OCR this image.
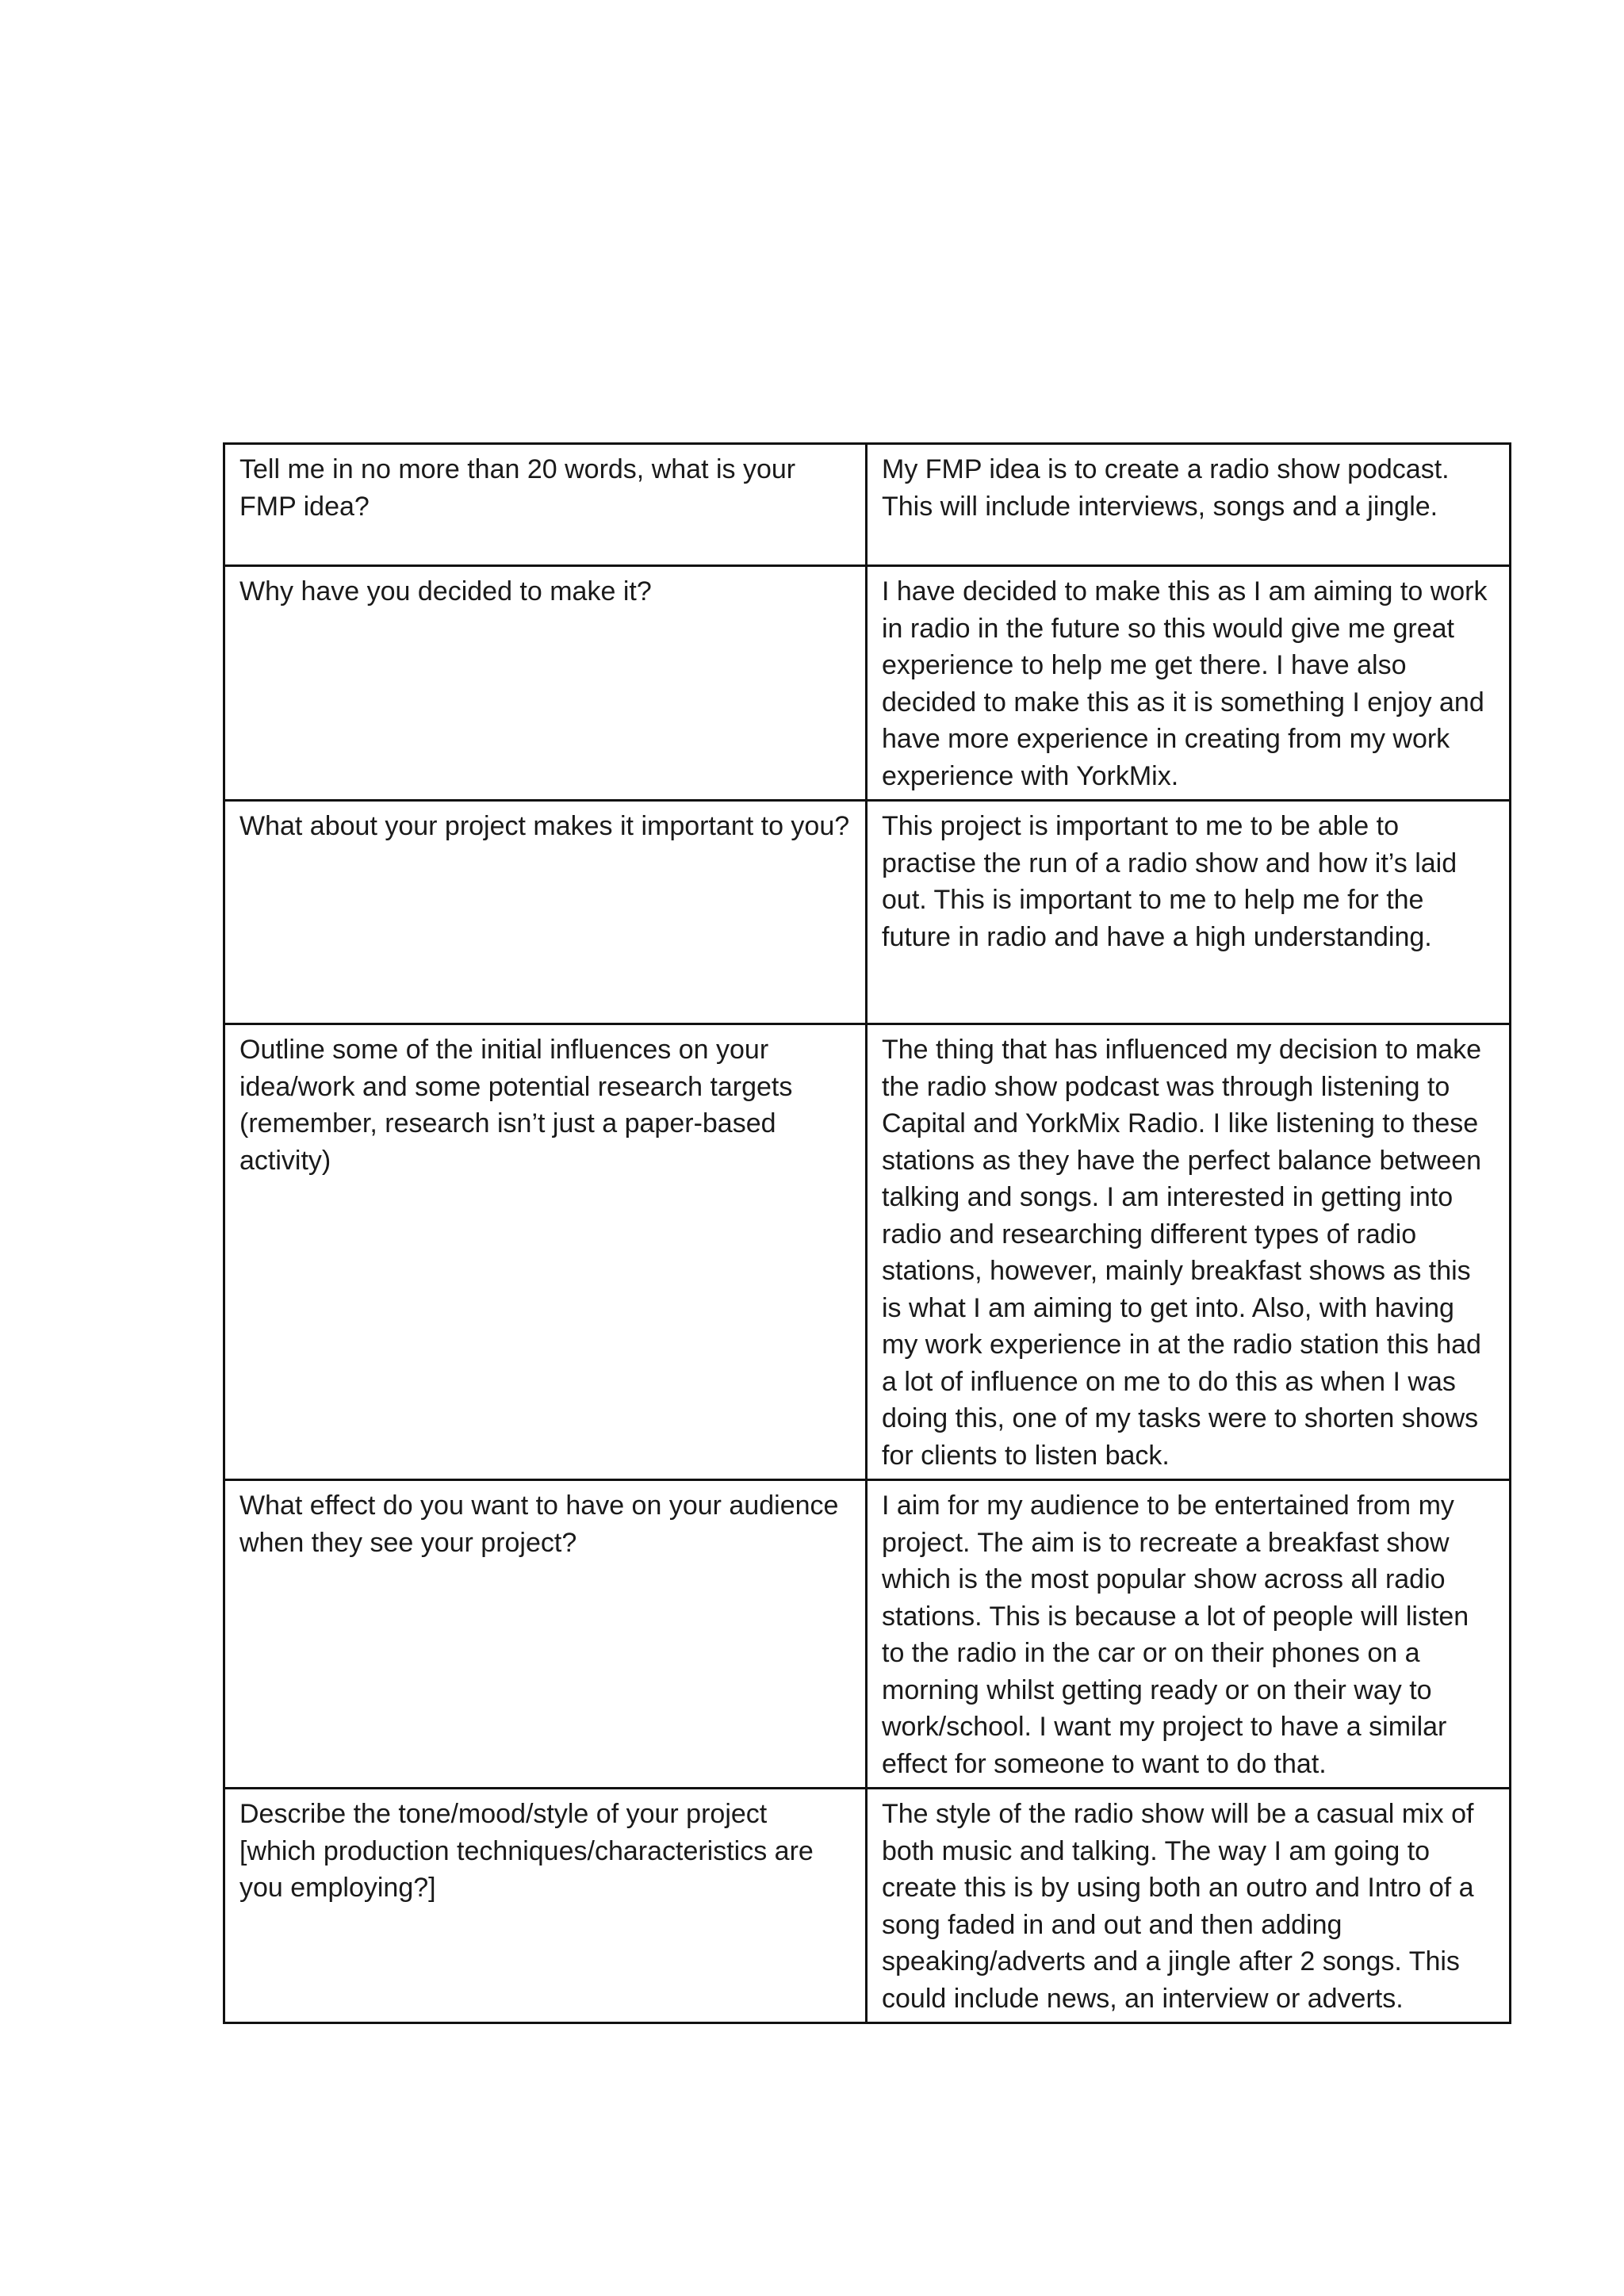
Tell me in no more than 20 words, what is your FMP idea?	My FMP idea is to create a radio show podcast. This will include interviews, songs and a jingle.
Why have you decided to make it?	I have decided to make this as I am aiming to work in radio in the future so this would give me great experience to help me get there. I have also decided to make this as it is something I enjoy and have more experience in creating from my work experience with YorkMix.
What about your project makes it important to you?	This project is important to me to be able to practise the run of a radio show and how it’s laid out. This is important to me to help me for the future in radio and have a high understanding.
Outline some of the initial influences on your idea/work and some potential research targets (remember, research isn’t just a paper-based activity)	The thing that has influenced my decision to make the radio show podcast was through listening to Capital and YorkMix Radio. I like listening to these stations as they have the perfect balance between talking and songs. I am interested in getting into radio and researching different types of radio stations, however, mainly breakfast shows as this is what I am aiming to get into. Also, with having my work experience in at the radio station this had a lot of influence on me to do this as when I was doing this, one of my tasks were to shorten shows for clients to listen back.
What effect do you want to have on your audience when they see your project?	I aim for my audience to be entertained from my project. The aim is to recreate a breakfast show which is the most popular show across all radio stations. This is because a lot of people will listen to the radio in the car or on their phones on a morning whilst getting ready or on their way to work/school. I want my project to have a similar effect for someone to want to do that.
Describe the tone/mood/style of your project [which production techniques/characteristics are you employing?]	The style of the radio show will be a casual mix of both music and talking. The way I am going to create this is by using both an outro and Intro of a song faded in and out and then adding speaking/adverts and a jingle after 2 songs. This could include news, an interview or adverts.
